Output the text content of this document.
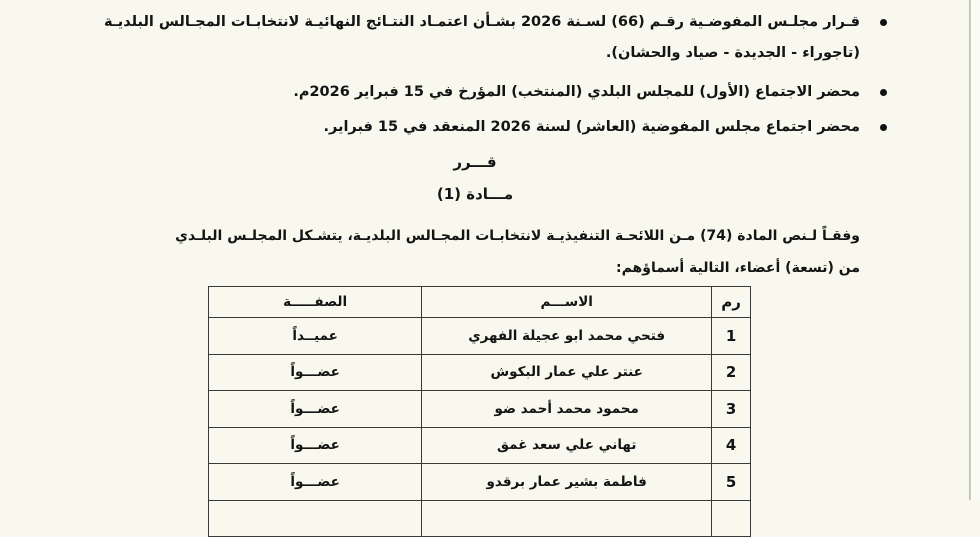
قـرار مجلـس المفوضـية رقـم (66) لسـنة 2026 بشـأن اعتمـاد النتـائج النهائيـة لانتخابـات المجـالس البلديـة
(تاجوراء - الجديدة - صياد والحشان).
محضر الاجتماع (الأول) للمجلس البلدي (المنتخب) المؤرخ في 15 فبراير 2026م.
محضر اجتماع مجلس المفوضية (العاشر) لسنة 2026 المنعقد في 15 فبراير.
قـــرر
مـــادة (1)
وفقـاً لـنص المادة (74) مـن اللائحـة التنفيذيـة لانتخابـات المجـالس البلديـة، يتشـكل المجلـس البلـدي
من (تسعة) أعضاء، التالية أسماؤهم:
رم	الاســـم	الصفـــــة
1	فتحي محمد ابو عجيلة الفهري	عميــداً
2	عنتر علي عمار البكوش	عضـــواً
3	محمود محمد أحمد ضو	عضـــواً
4	تهاني علي سعد غمق	عضـــواً
5	فاطمة بشير عمار برقدو	عضـــواً
